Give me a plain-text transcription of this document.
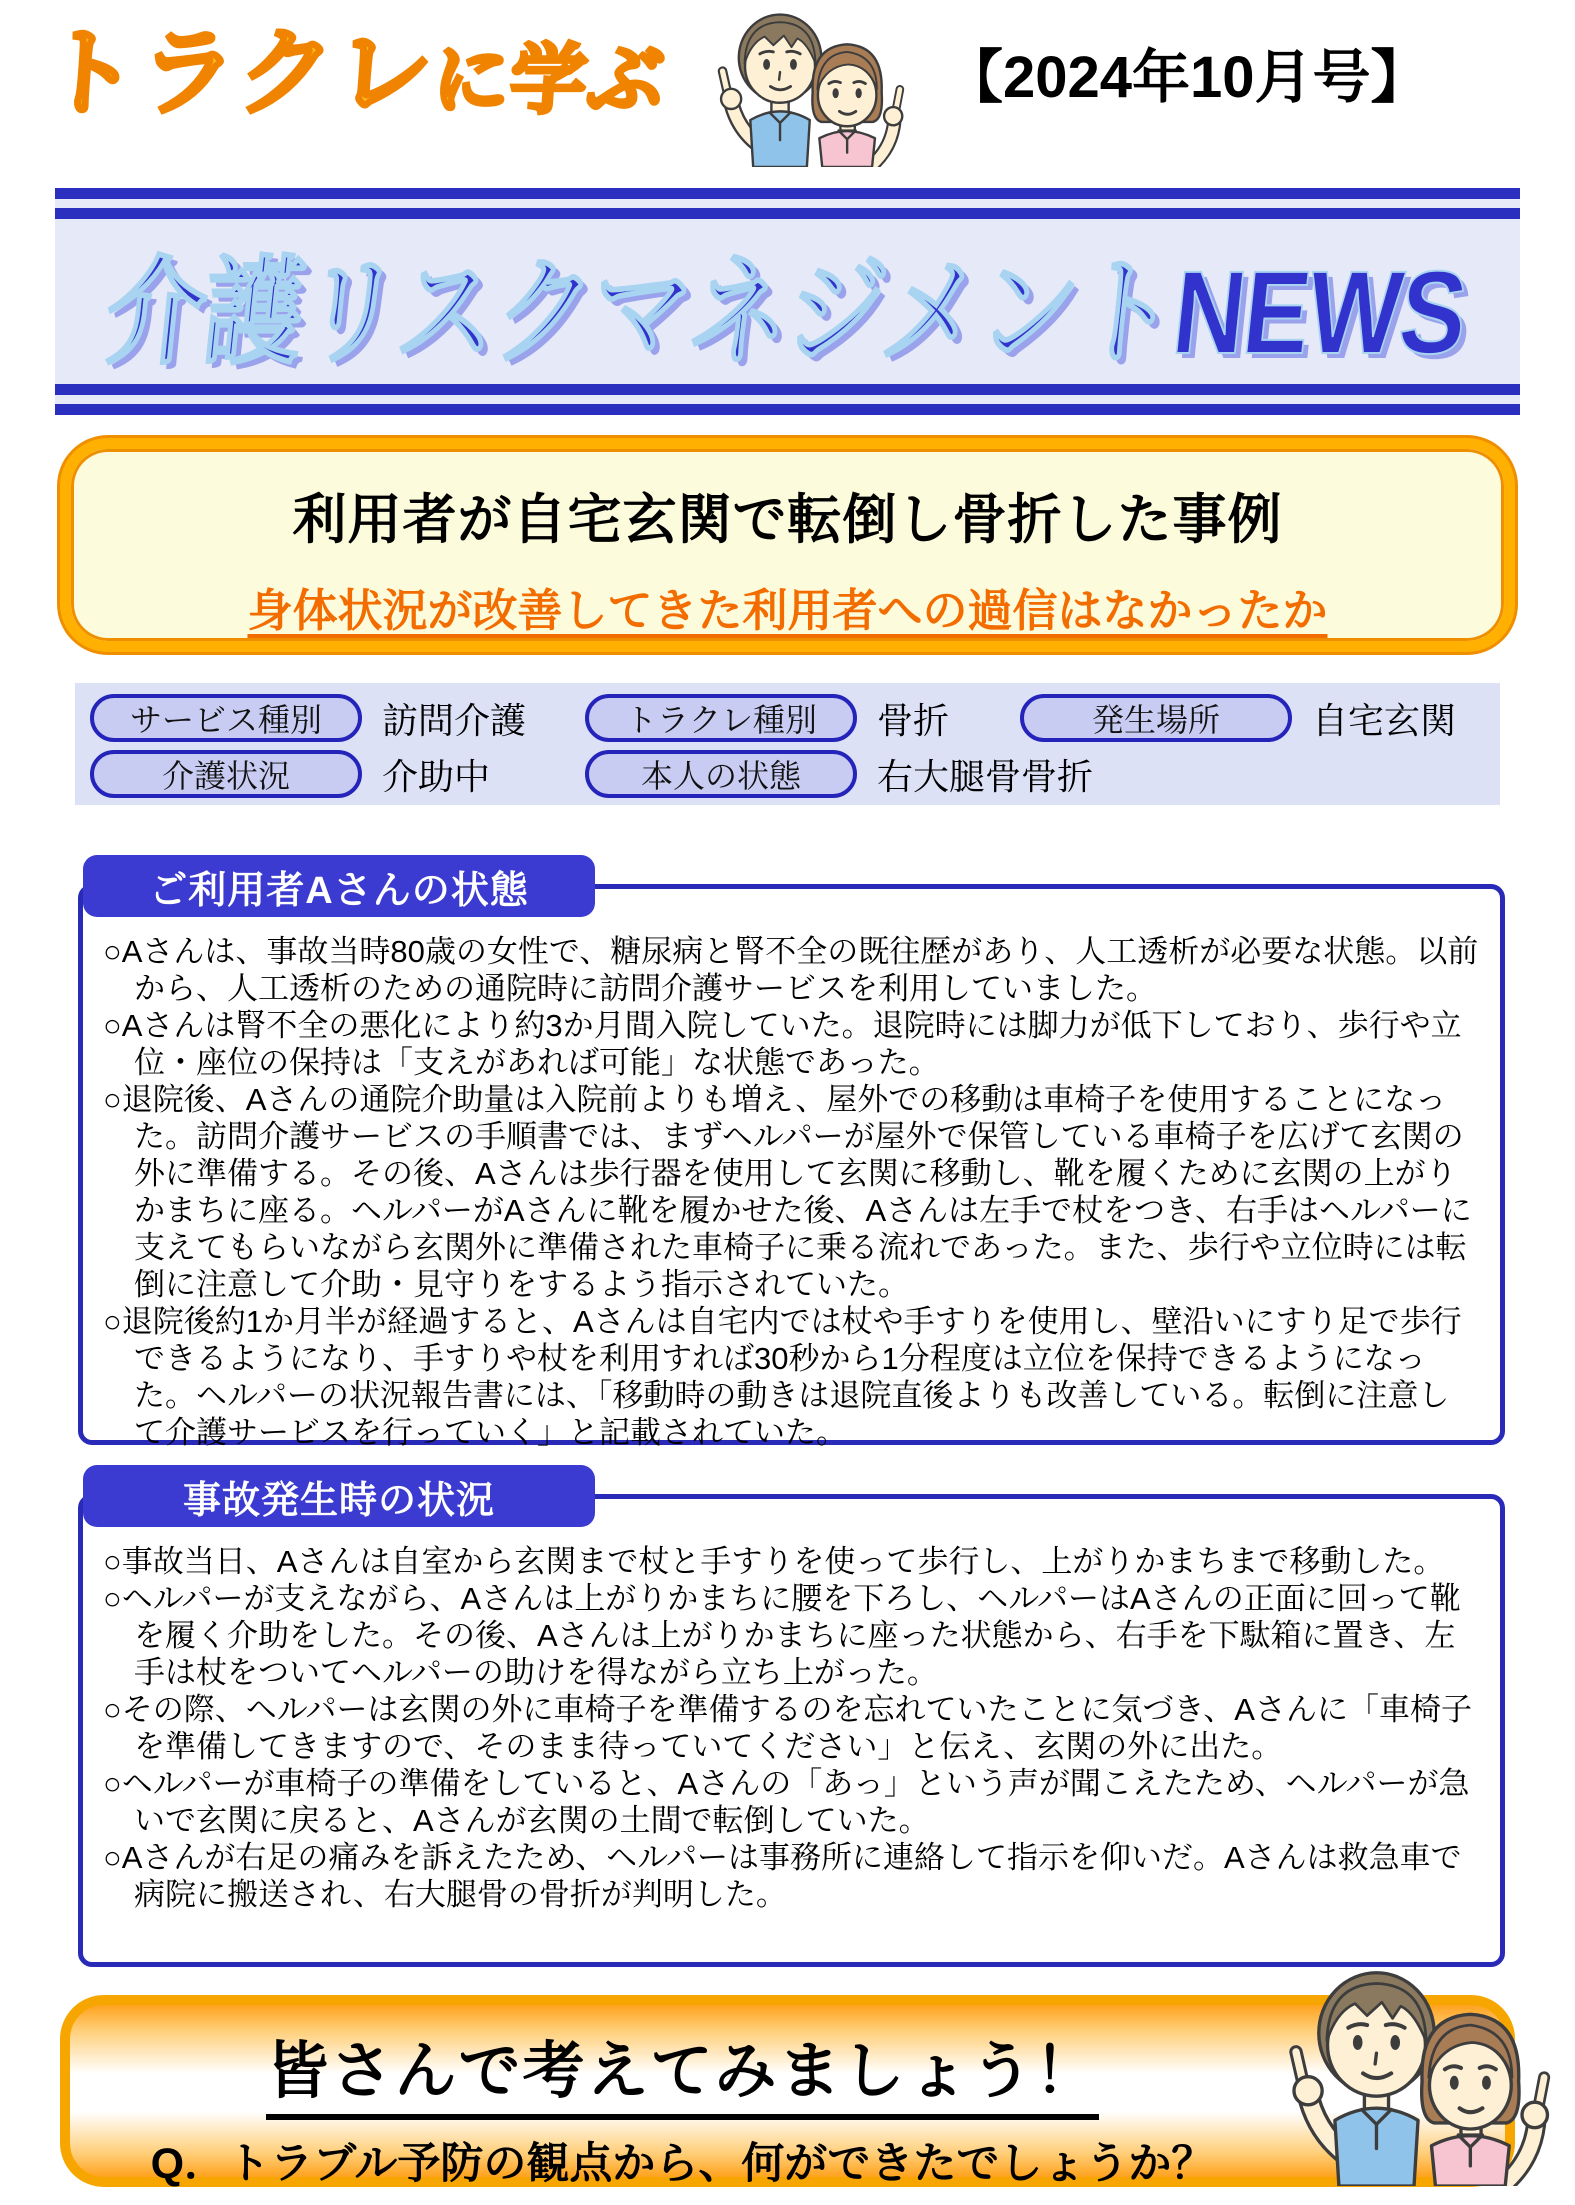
トラクレに学ぶ	【2024年10月号】
介護リスクマネジメントNEWS
利用者が自宅玄関で転倒し骨折した事例
身体状況が改善してきた利用者への過信はなかったか
サービス種別	訪問介護	トラクレ種別	骨折	発生場所	自宅玄関
介護状況	介助中	本人の状態	右大腿骨骨折
ご利用者Aさんの状態

○Aさんは、事故当時80歳の女性で、糖尿病と腎不全の既往歴があり、人工透析が必要な状態。以前から、人工透析のための通院時に訪問介護サービスを利用していました。

○Aさんは腎不全の悪化により約3か月間入院していた。退院時には脚力が低下しており、歩行や立位・座位の保持は「支えがあれば可能」な状態であった。

○退院後、Aさんの通院介助量は入院前よりも増え、屋外での移動は車椅子を使用することになった。訪問介護サービスの手順書では、まずヘルパーが屋外で保管している車椅子を広げて玄関の外に準備する。その後、Aさんは歩行器を使用して玄関に移動し、靴を履くために玄関の上がりかまちに座る。ヘルパーがAさんに靴を履かせた後、Aさんは左手で杖をつき、右手はヘルパーに支えてもらいながら玄関外に準備された車椅子に乗る流れであった。また、歩行や立位時には転倒に注意して介助・見守りをするよう指示されていた。

○退院後約1か月半が経過すると、Aさんは自宅内では杖や手すりを使用し、壁沿いにすり足で歩行できるようになり、手すりや杖を利用すれば30秒から1分程度は立位を保持できるようになった。ヘルパーの状況報告書には、「移動時の動きは退院直後よりも改善している。転倒に注意して介護サービスを行っていく」と記載されていた。

事故発生時の状況

○事故当日、Aさんは自室から玄関まで杖と手すりを使って歩行し、上がりかまちまで移動した。

○ヘルパーが支えながら、Aさんは上がりかまちに腰を下ろし、ヘルパーはAさんの正面に回って靴を履く介助をした。その後、Aさんは上がりかまちに座った状態から、右手を下駄箱に置き、左手は杖をついてヘルパーの助けを得ながら立ち上がった。

○その際、ヘルパーは玄関の外に車椅子を準備するのを忘れていたことに気づき、Aさんに「車椅子を準備してきますので、そのまま待っていてください」と伝え、玄関の外に出た。

○ヘルパーが車椅子の準備をしていると、Aさんの「あっ」という声が聞こえたため、ヘルパーが急いで玄関に戻ると、Aさんが玄関の土間で転倒していた。

○Aさんが右足の痛みを訴えたため、ヘルパーは事務所に連絡して指示を仰いだ。Aさんは救急車で病院に搬送され、右大腿骨の骨折が判明した。

皆さんで考えてみましょう！
Q．トラブル予防の観点から、何ができたでしょうか？
